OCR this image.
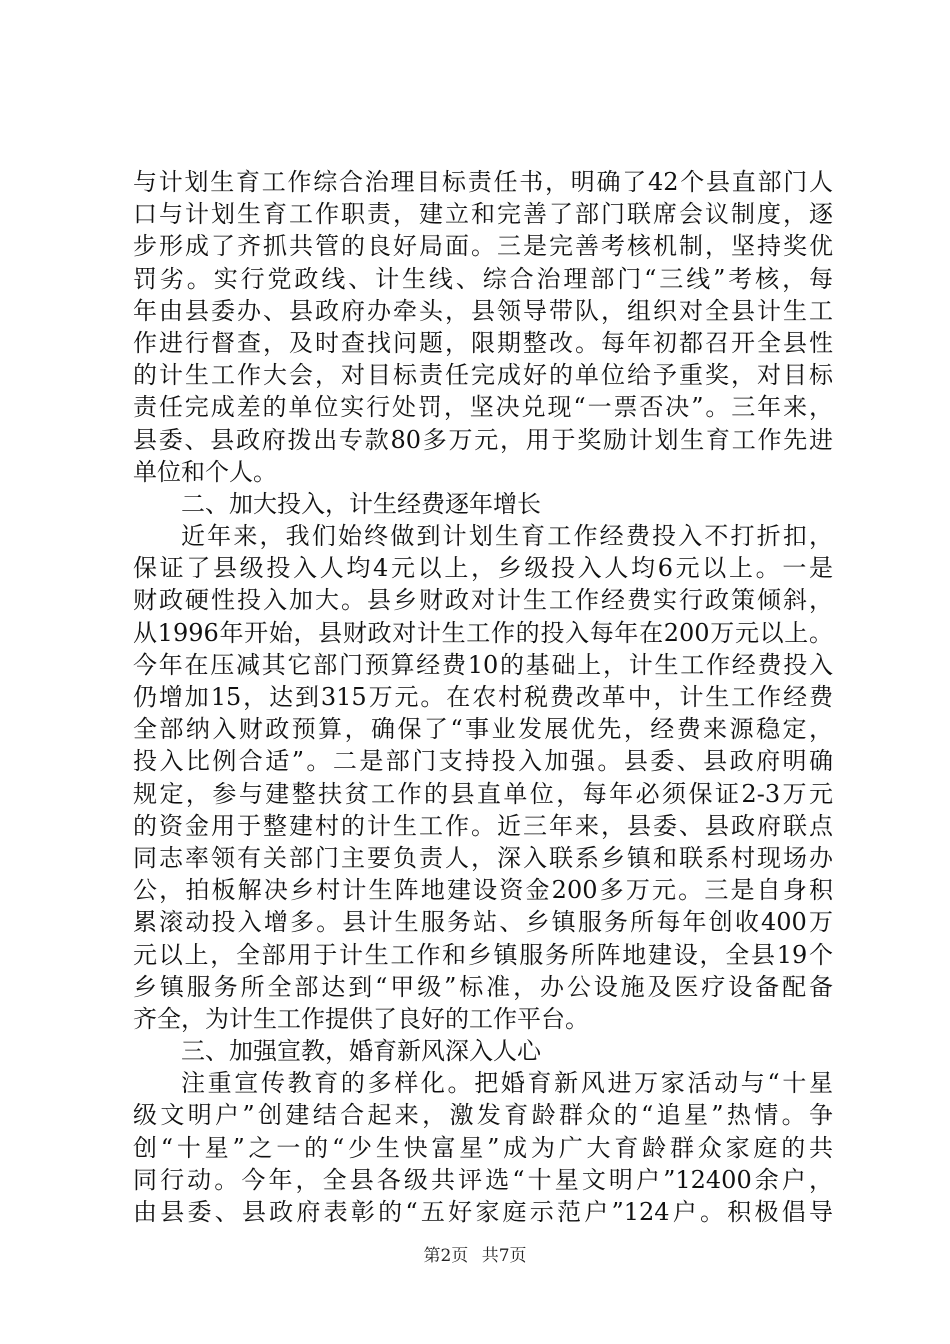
与计划生育工作综合治理目标责任书，明确了42个县直部门人
口与计划生育工作职责，建立和完善了部门联席会议制度，逐
步形成了齐抓共管的良好局面。三是完善考核机制，坚持奖优
罚劣。实行党政线、计生线、综合治理部门“三线”考核，每
年由县委办、县政府办牵头，县领导带队，组织对全县计生工
作进行督查，及时查找问题，限期整改。每年初都召开全县性
的计生工作大会，对目标责任完成好的单位给予重奖，对目标
责任完成差的单位实行处罚，坚决兑现“一票否决”。三年来，
县委、县政府拨出专款80多万元，用于奖励计划生育工作先进
单位和个人。
二、加大投入，计生经费逐年增长
近年来，我们始终做到计划生育工作经费投入不打折扣，
保证了县级投入人均4元以上，乡级投入人均6元以上。一是
财政硬性投入加大。县乡财政对计生工作经费实行政策倾斜，
从1996年开始，县财政对计生工作的投入每年在200万元以上。
今年在压减其它部门预算经费10的基础上，计生工作经费投入
仍增加15，达到315万元。在农村税费改革中，计生工作经费
全部纳入财政预算，确保了“事业发展优先，经费来源稳定，
投入比例合适”。二是部门支持投入加强。县委、县政府明确
规定，参与建整扶贫工作的县直单位，每年必须保证2-3万元
的资金用于整建村的计生工作。近三年来，县委、县政府联点
同志率领有关部门主要负责人，深入联系乡镇和联系村现场办
公，拍板解决乡村计生阵地建设资金200多万元。三是自身积
累滚动投入增多。县计生服务站、乡镇服务所每年创收400万
元以上，全部用于计生工作和乡镇服务所阵地建设，全县19个
乡镇服务所全部达到“甲级”标准，办公设施及医疗设备配备
齐全，为计生工作提供了良好的工作平台。
三、加强宣教，婚育新风深入人心
注重宣传教育的多样化。把婚育新风进万家活动与“十星
级文明户”创建结合起来，激发育龄群众的“追星”热情。争
创“十星”之一的“少生快富星”成为广大育龄群众家庭的共
同行动。今年，全县各级共评选“十星文明户”12400余户，
由县委、县政府表彰的“五好家庭示范户”124户。积极倡导
第2页 共7页
